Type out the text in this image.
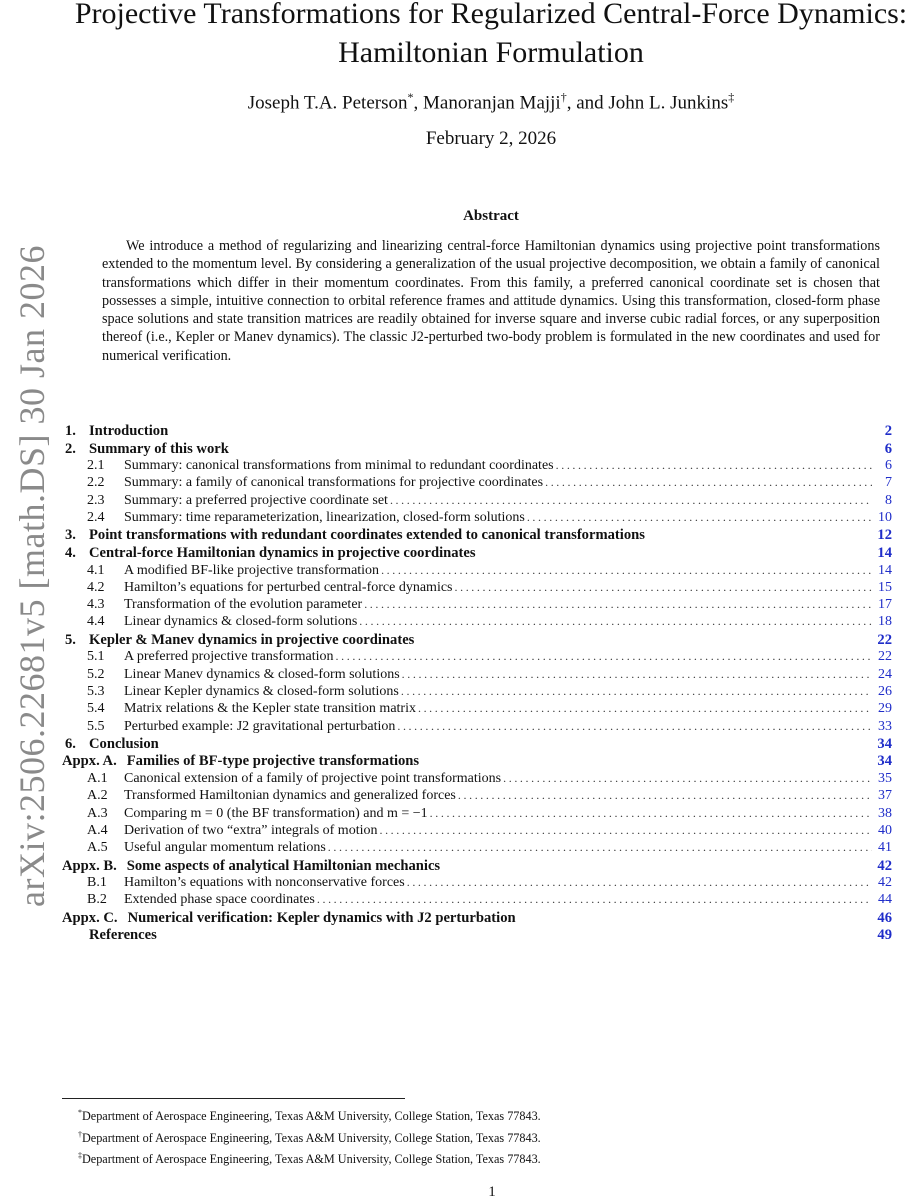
arXiv:2506.22681v5 [math.DS] 30 Jan 2026
Projective Transformations for Regularized Central-Force Dynamics: Hamiltonian Formulation
Joseph T.A. Peterson*, Manoranjan Majji†, and John L. Junkins‡
February 2, 2026
Abstract

We introduce a method of regularizing and linearizing central-force Hamiltonian dynamics using projective point transformations extended to the momentum level. By considering a generalization of the usual projective decomposition, we obtain a family of canonical transformations which differ in their momentum coordinates. From this family, a preferred canonical coordinate set is chosen that possesses a simple, intuitive connection to orbital reference frames and attitude dynamics. Using this transformation, closed-form phase space solutions and state transition matrices are readily obtained for inverse square and inverse cubic radial forces, or any superposition thereof (i.e., Kepler or Manev dynamics). The classic J2-perturbed two-body problem is formulated in the new coordinates and used for numerical verification.

1. Introduction	2
2. Summary of this work	6
2.1	Summary: canonical transformations from minimal to redundant coordinates .....	6
2.2	Summary: a family of canonical transformations for projective coordinates .....	7
2.3	Summary: a preferred projective coordinate set .....	8
2.4	Summary: time reparameterization, linearization, closed-form solutions .....	10
3. Point transformations with redundant coordinates extended to canonical transformations	12
4. Central-force Hamiltonian dynamics in projective coordinates	14
4.1	A modified BF-like projective transformation .....	14
4.2	Hamilton’s equations for perturbed central-force dynamics .....	15
4.3	Transformation of the evolution parameter .....	17
4.4	Linear dynamics & closed-form solutions .....	18
5. Kepler & Manev dynamics in projective coordinates	22
5.1	A preferred projective transformation .....	22
5.2	Linear Manev dynamics & closed-form solutions .....	24
5.3	Linear Kepler dynamics & closed-form solutions .....	26
5.4	Matrix relations & the Kepler state transition matrix .....	29
5.5	Perturbed example: J2 gravitational perturbation .....	33
6. Conclusion	34
Appx. A. Families of BF-type projective transformations	34
A.1	Canonical extension of a family of projective point transformations .....	35
A.2	Transformed Hamiltonian dynamics and generalized forces .....	37
A.3	Comparing m = 0 (the BF transformation) and m = −1 .....	38
A.4	Derivation of two “extra” integrals of motion .....	40
A.5	Useful angular momentum relations .....	41
Appx. B. Some aspects of analytical Hamiltonian mechanics	42
B.1	Hamilton’s equations with nonconservative forces .....	42
B.2	Extended phase space coordinates .....	44
Appx. C. Numerical verification: Kepler dynamics with J2 perturbation	46
References	49
*Department of Aerospace Engineering, Texas A&M University, College Station, Texas 77843.
†Department of Aerospace Engineering, Texas A&M University, College Station, Texas 77843.
‡Department of Aerospace Engineering, Texas A&M University, College Station, Texas 77843.
1
